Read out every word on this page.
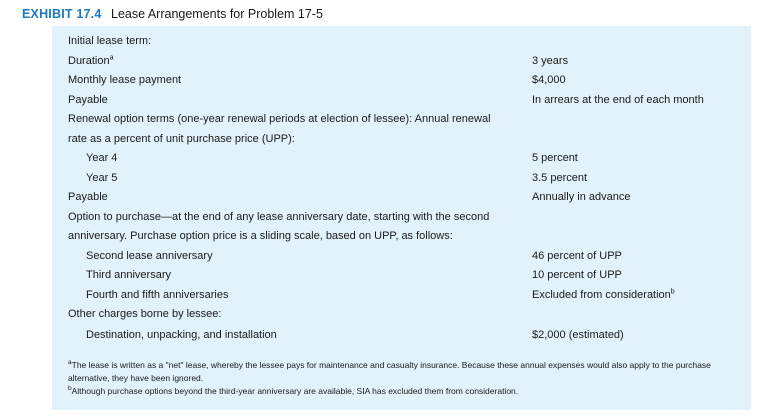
EXHIBIT 17.4 Lease Arrangements for Problem 17-5
Initial lease term:
Duration$^a$	3 years
Monthly lease payment	$4,000
Payable	In arrears at the end of each month
Renewal option terms (one-year renewal periods at election of lessee): Annual renewal
rate as a percent of unit purchase price (UPP):
Year 4	5 percent
Year 5	3.5 percent
Payable	Annually in advance
Option to purchase—at the end of any lease anniversary date, starting with the second
anniversary. Purchase option price is a sliding scale, based on UPP, as follows:
Second lease anniversary	46 percent of UPP
Third anniversary	10 percent of UPP
Fourth and fifth anniversaries	Excluded from consideration$^b$
Other charges borne by lessee:
Destination, unpacking, and installation	$2,000 (estimated)
$^a$The lease is written as a "net" lease, whereby the lessee pays for maintenance and casualty insurance. Because these annual expenses would also apply to the purchase alternative, they have been ignored.
$^b$Although purchase options beyond the third-year anniversary are available, SIA has excluded them from consideration.
